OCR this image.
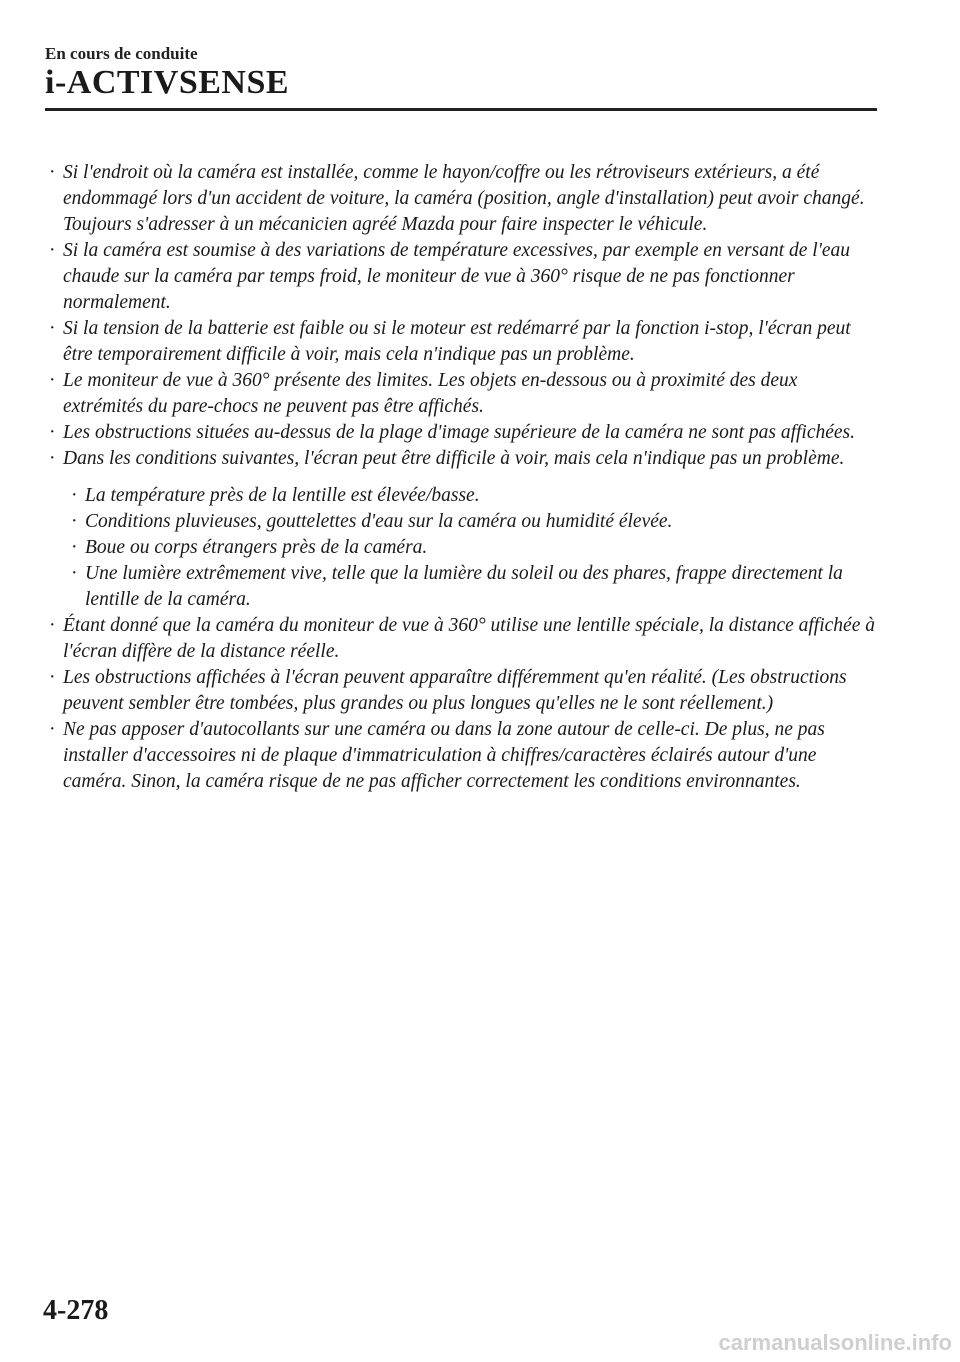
En cours de conduite
i-ACTIVSENSE

· Si l'endroit où la caméra est installée, comme le hayon/coffre ou les rétroviseurs extérieurs, a été endommagé lors d'un accident de voiture, la caméra (position, angle d'installation) peut avoir changé. Toujours s'adresser à un mécanicien agréé Mazda pour faire inspecter le véhicule.

· Si la caméra est soumise à des variations de température excessives, par exemple en versant de l'eau chaude sur la caméra par temps froid, le moniteur de vue à 360° risque de ne pas fonctionner normalement.

· Si la tension de la batterie est faible ou si le moteur est redémarré par la fonction i-stop, l'écran peut être temporairement difficile à voir, mais cela n'indique pas un problème.

· Le moniteur de vue à 360° présente des limites. Les objets en-dessous ou à proximité des deux extrémités du pare-chocs ne peuvent pas être affichés.

· Les obstructions situées au-dessus de la plage d'image supérieure de la caméra ne sont pas affichées.

· Dans les conditions suivantes, l'écran peut être difficile à voir, mais cela n'indique pas un problème.

· La température près de la lentille est élevée/basse.

· Conditions pluvieuses, gouttelettes d'eau sur la caméra ou humidité élevée.

· Boue ou corps étrangers près de la caméra.

· Une lumière extrêmement vive, telle que la lumière du soleil ou des phares, frappe directement la lentille de la caméra.

· Étant donné que la caméra du moniteur de vue à 360° utilise une lentille spéciale, la distance affichée à l'écran diffère de la distance réelle.

· Les obstructions affichées à l'écran peuvent apparaître différemment qu'en réalité. (Les obstructions peuvent sembler être tombées, plus grandes ou plus longues qu'elles ne le sont réellement.)

· Ne pas apposer d'autocollants sur une caméra ou dans la zone autour de celle-ci. De plus, ne pas installer d'accessoires ni de plaque d'immatriculation à chiffres/caractères éclairés autour d'une caméra. Sinon, la caméra risque de ne pas afficher correctement les conditions environnantes.

4-278
carmanualsonline.info
